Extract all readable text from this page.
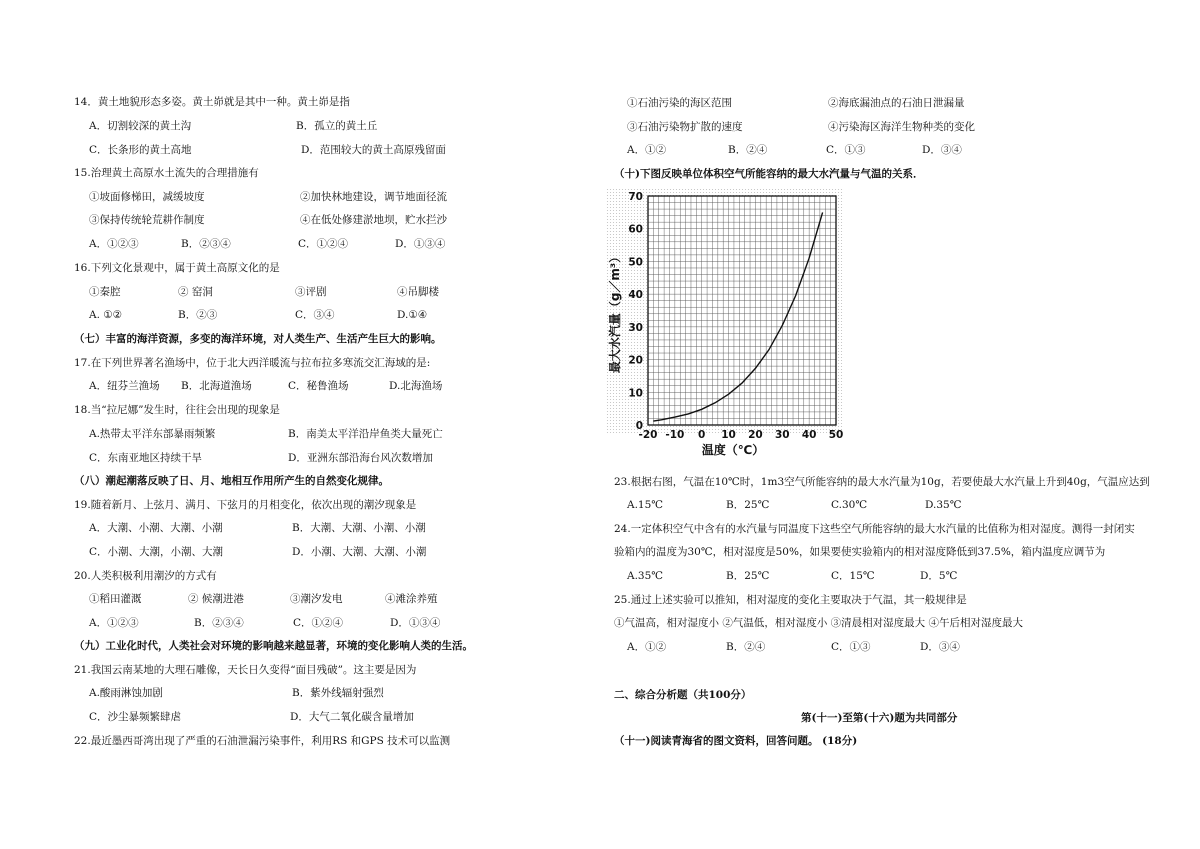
14．黄土地貌形态多姿。黄土峁就是其中一种。黄土峁是指
A．切割较深的黄土沟	B．孤立的黄土丘
C．长条形的黄土高地	D．范围较大的黄土高原残留面
15.治理黄土高原水土流失的合理措施有
①坡面修梯田，减缓坡度	②加快林地建设，调节地面径流
③保持传统轮荒耕作制度	④在低处修建淤地坝，贮水拦沙
A．①②③	B．②③④	C．①②④	D．①③④
16.下列文化景观中，属于黄土高原文化的是
①秦腔	② 窑洞	③评剧	④吊脚楼
A. ①②	B．②③	C．③④	D.①④
（七）丰富的海洋资源，多变的海洋环境，对人类生产、生活产生巨大的影响。
17.在下列世界著名渔场中，位于北大西洋暖流与拉布拉多寒流交汇海域的是:
A．纽芬兰渔场 B．北海道渔场	C．秘鲁渔场	D.北海渔场
18.当“拉尼娜”发生时，往往会出现的现象是
A.热带太平洋东部暴雨频繁	B．南美太平洋沿岸鱼类大量死亡
C．东南亚地区持续干旱	D．亚洲东部沿海台风次数增加
（八）潮起潮落反映了日、月、地相互作用所产生的自然变化规律。
19.随着新月、上弦月、满月、下弦月的月相变化，依次出现的潮汐现象是
A．大潮、小潮、大潮、小潮	B．大潮、大潮、小潮、小潮
C．小潮、大潮，小潮、大潮	D．小潮、大潮、大潮、小潮
20.人类积极利用潮汐的方式有
①稻田灌溉	② 候潮进港	③潮汐发电	④滩涂养殖
A．①②③	B．②③④	C．①②④	D．①③④
（九）工业化时代，人类社会对环境的影响越来越显著，环境的变化影响人类的生活。
21.我国云南某地的大理石雕像，天长日久变得“面目残破”。这主要是因为
A.酸雨淋蚀加剧	B．紫外线辐射强烈
C．沙尘暴频繁肆虐	D．大气二氧化碳含量增加
22.最近墨西哥湾出现了严重的石油泄漏污染事件，利用RS 和GPS 技术可以监测
①石油污染的海区范围	②海底漏油点的石油日泄漏量
③石油污染物扩散的速度	④污染海区海洋生物种类的变化
A．①②	B．②④	C．①③	D．③④
（十)下图反映单位体积空气所能容纳的最大水汽量与气温的关系．
-20 -10 0 10 20 30 40 50
0
10
20
30
40
50
60
70
最大水汽量（g／m³）
温度（℃）
23.根据右图，气温在10℃时，1m3空气所能容纳的最大水汽量为10g，若要使最大水汽量上升到40g，气温应达到
A.15℃	B．25℃	C.30℃	D.35℃
24.一定体积空气中含有的水汽量与同温度下这些空气所能容纳的最大水汽量的比值称为相对湿度。测得一封闭实
验箱内的温度为30℃，相对湿度是50%，如果要使实验箱内的相对湿度降低到37.5%，箱内温度应调节为
A.35℃	B．25℃	C．15℃	D．5℃
25.通过上述实验可以推知，相对湿度的变化主要取决于气温，其一般规律是
①气温高，相对湿度小 ②气温低，相对湿度小 ③清晨相对湿度最大 ④午后相对湿度最大
A．①②	B．②④	C．①③	D．③④
二、综合分析题（共100分）
第(十一)至第(十六)题为共同部分
（十一)阅读青海省的图文资料，回答问题。 (18分)
